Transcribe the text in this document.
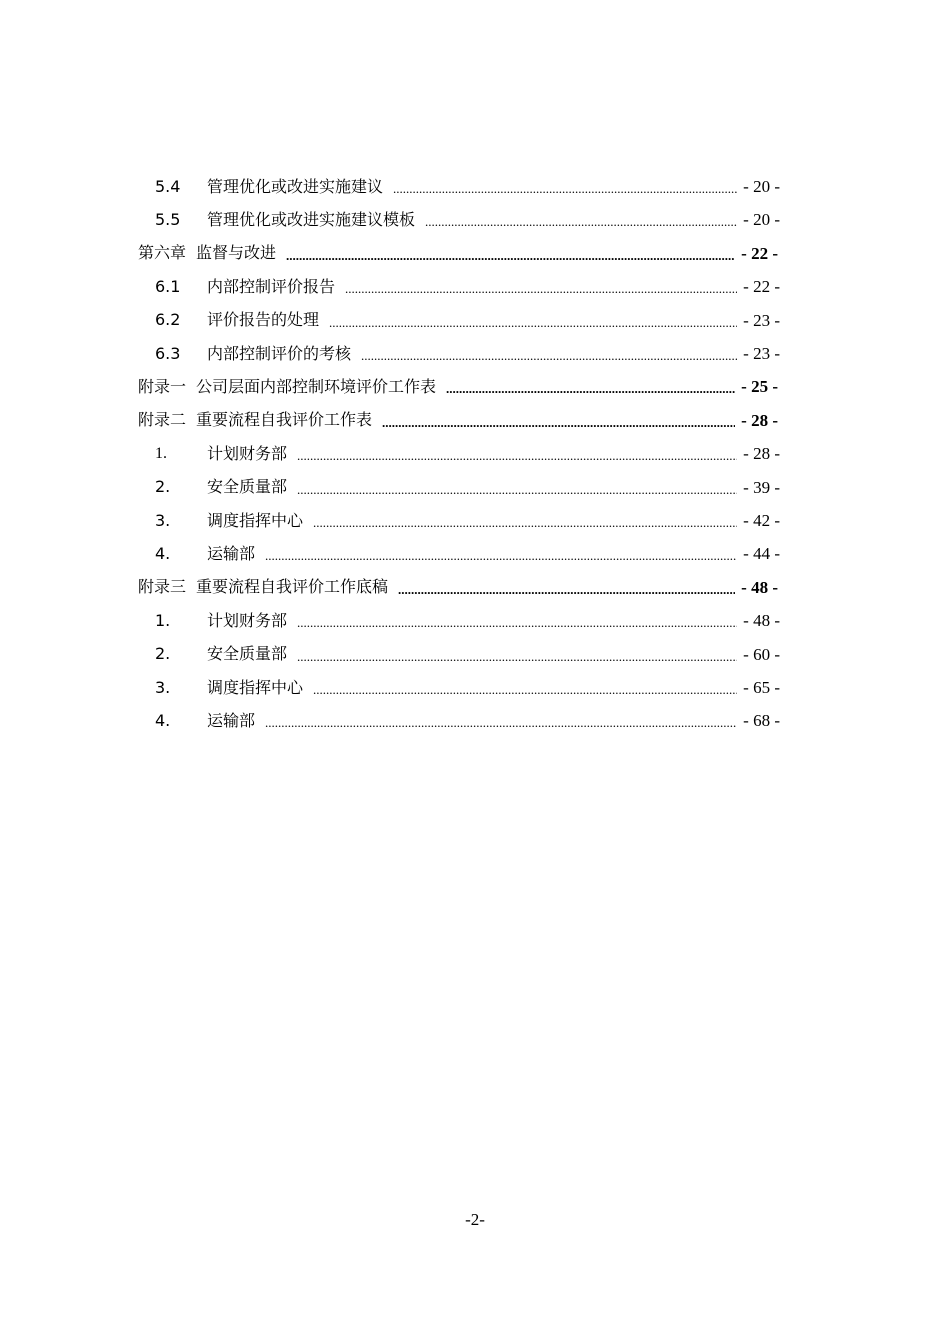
5.4	管理优化或改进实施建议 .....	- 20 -
5.5	管理优化或改进实施建议模板 .....	- 20 -
第六章 监督与改进 .....	- 22 -
6.1	内部控制评价报告 .....	- 22 -
6.2	评价报告的处理 .....	- 23 -
6.3	内部控制评价的考核 .....	- 23 -
附录一 公司层面内部控制环境评价工作表 .....	- 25 -
附录二 重要流程自我评价工作表 .....	- 28 -
1.	计划财务部 .....	- 28 -
2.	安全质量部 .....	- 39 -
3.	调度指挥中心 .....	- 42 -
4.	运输部 .....	- 44 -
附录三 重要流程自我评价工作底稿 .....	- 48 -
1.	计划财务部 .....	- 48 -
2.	安全质量部 .....	- 60 -
3.	调度指挥中心 .....	- 65 -
4.	运输部 .....	- 68 -
-2-
